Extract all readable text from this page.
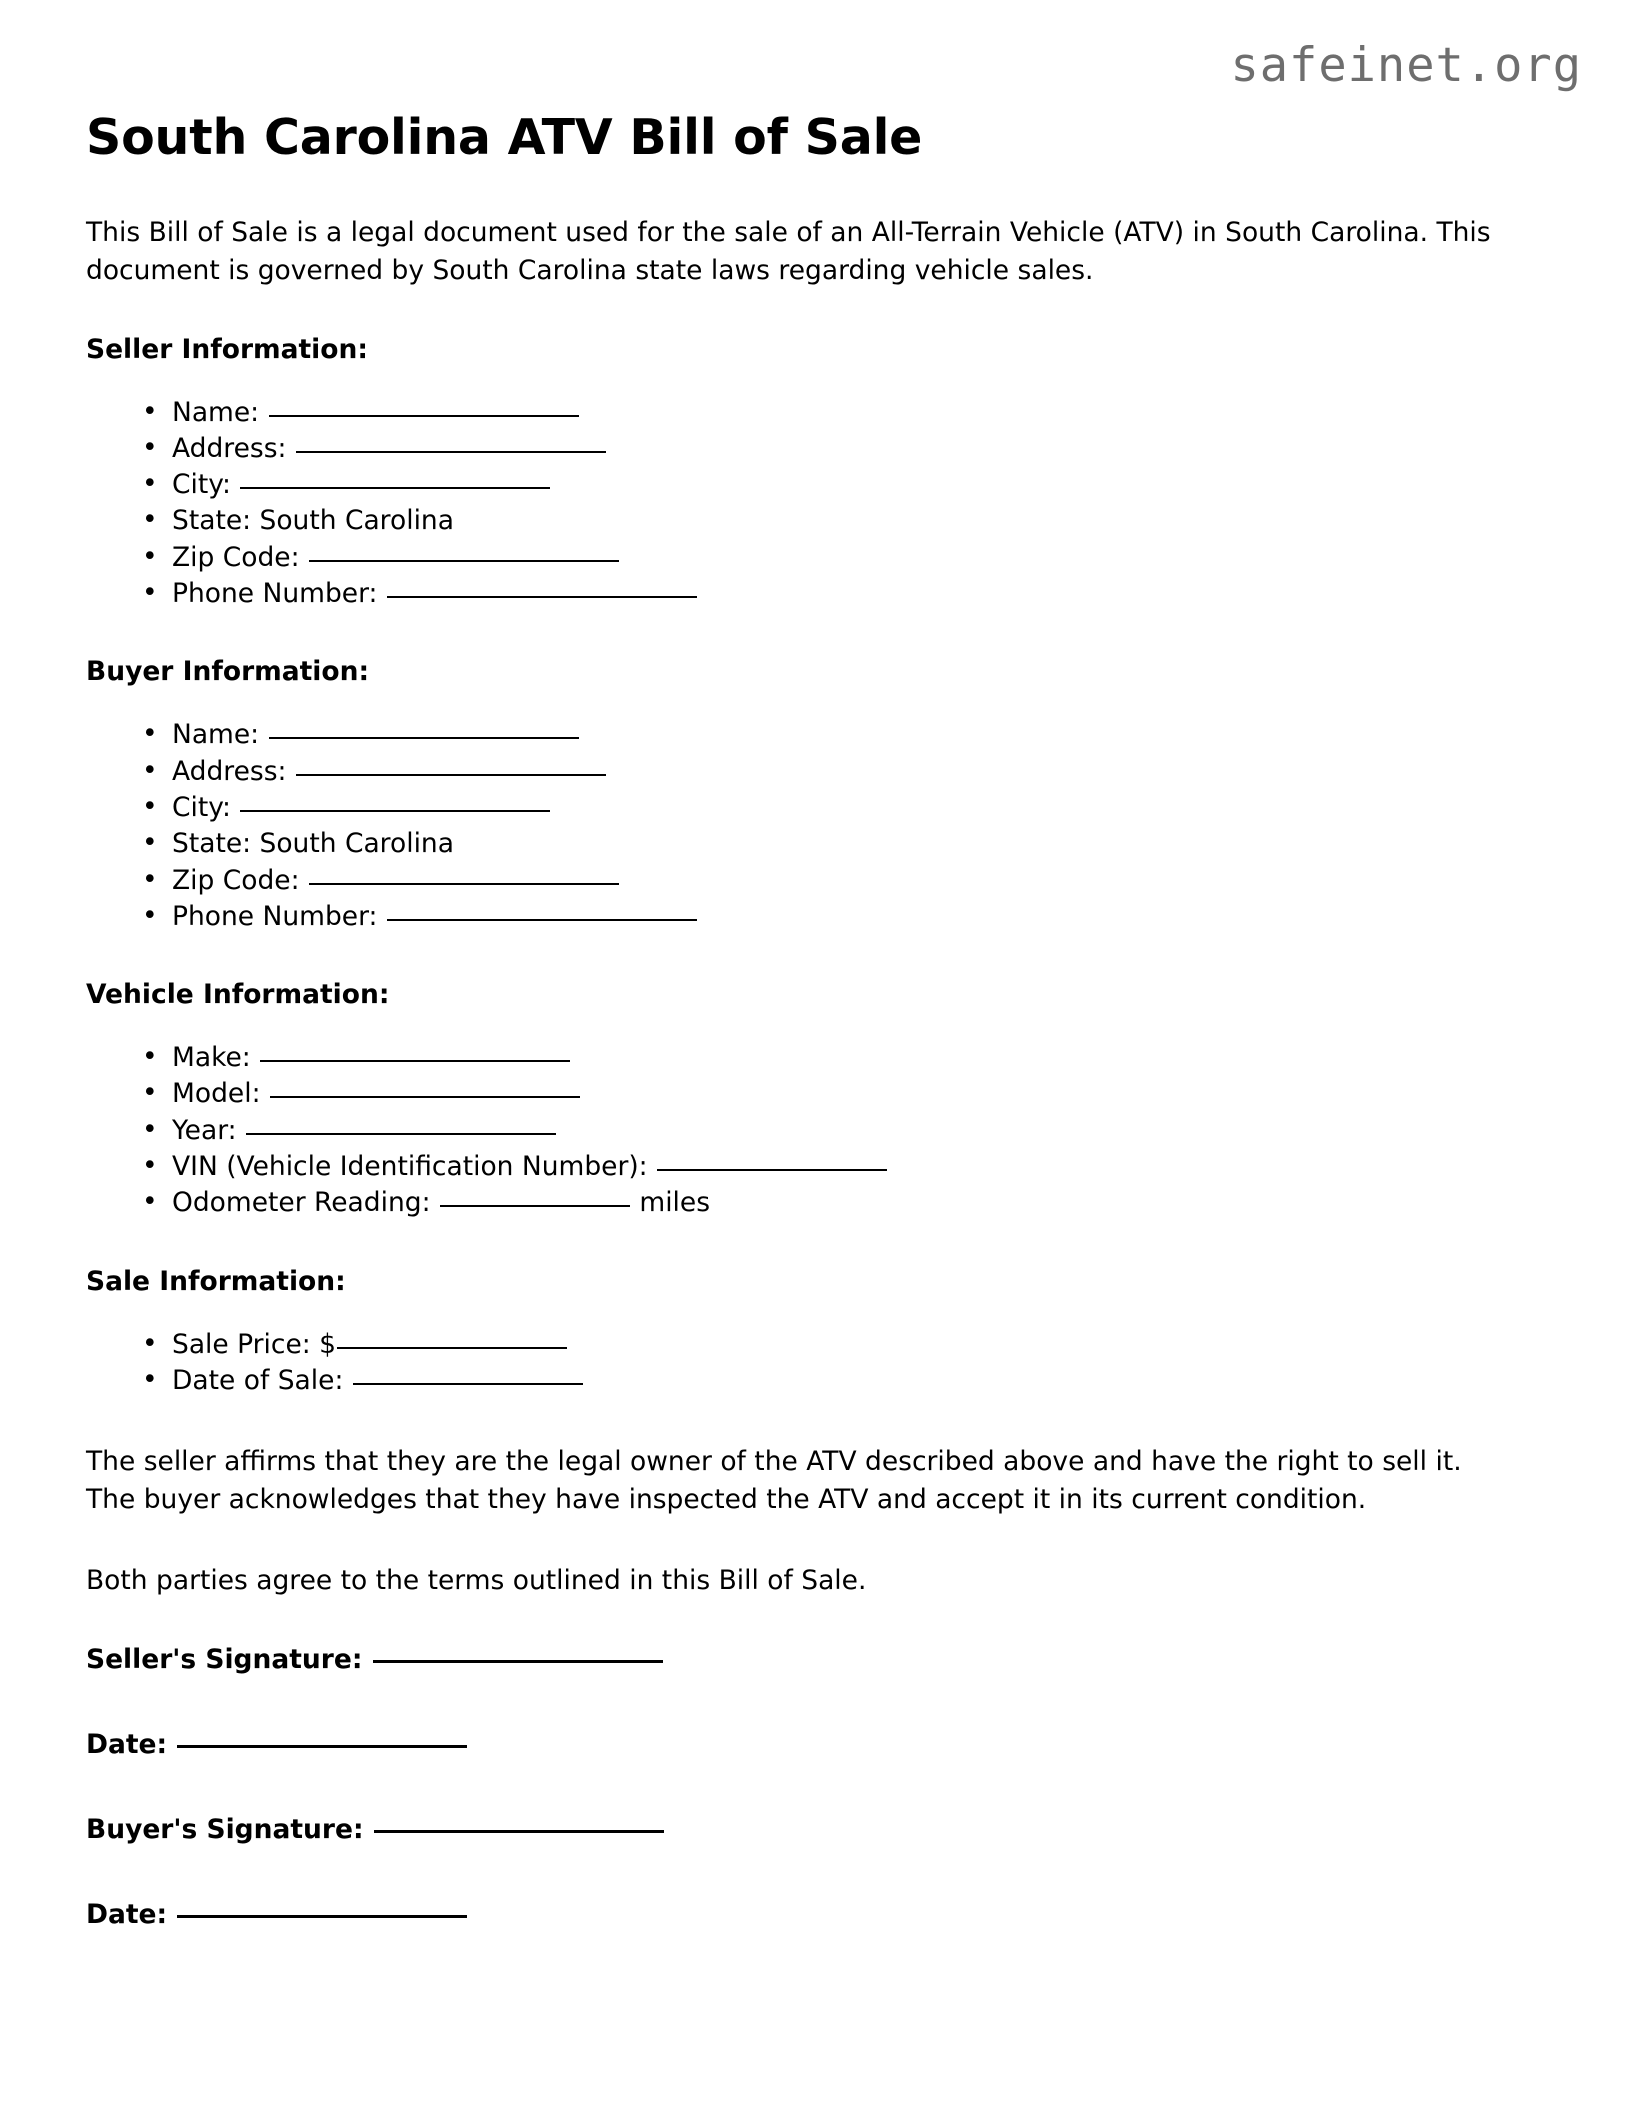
safeinet.org
South Carolina ATV Bill of Sale

This Bill of Sale is a legal document used for the sale of an All-Terrain Vehicle (ATV) in South Carolina. This document is governed by South Carolina state laws regarding vehicle sales.

Seller Information:
• Name:
• Address:
• City:
• State: South Carolina
• Zip Code:
• Phone Number:
Buyer Information:
• Name:
• Address:
• City:
• State: South Carolina
• Zip Code:
• Phone Number:
Vehicle Information:
• Make:
• Model:
• Year:
• VIN (Vehicle Identification Number):
• Odometer Reading:	miles
Sale Information:
• Sale Price: $
• Date of Sale:

The seller affirms that they are the legal owner of the ATV described above and have the right to sell it. The buyer acknowledges that they have inspected the ATV and accept it in its current condition.

Both parties agree to the terms outlined in this Bill of Sale.

Seller's Signature:
Date:
Buyer's Signature:
Date:
